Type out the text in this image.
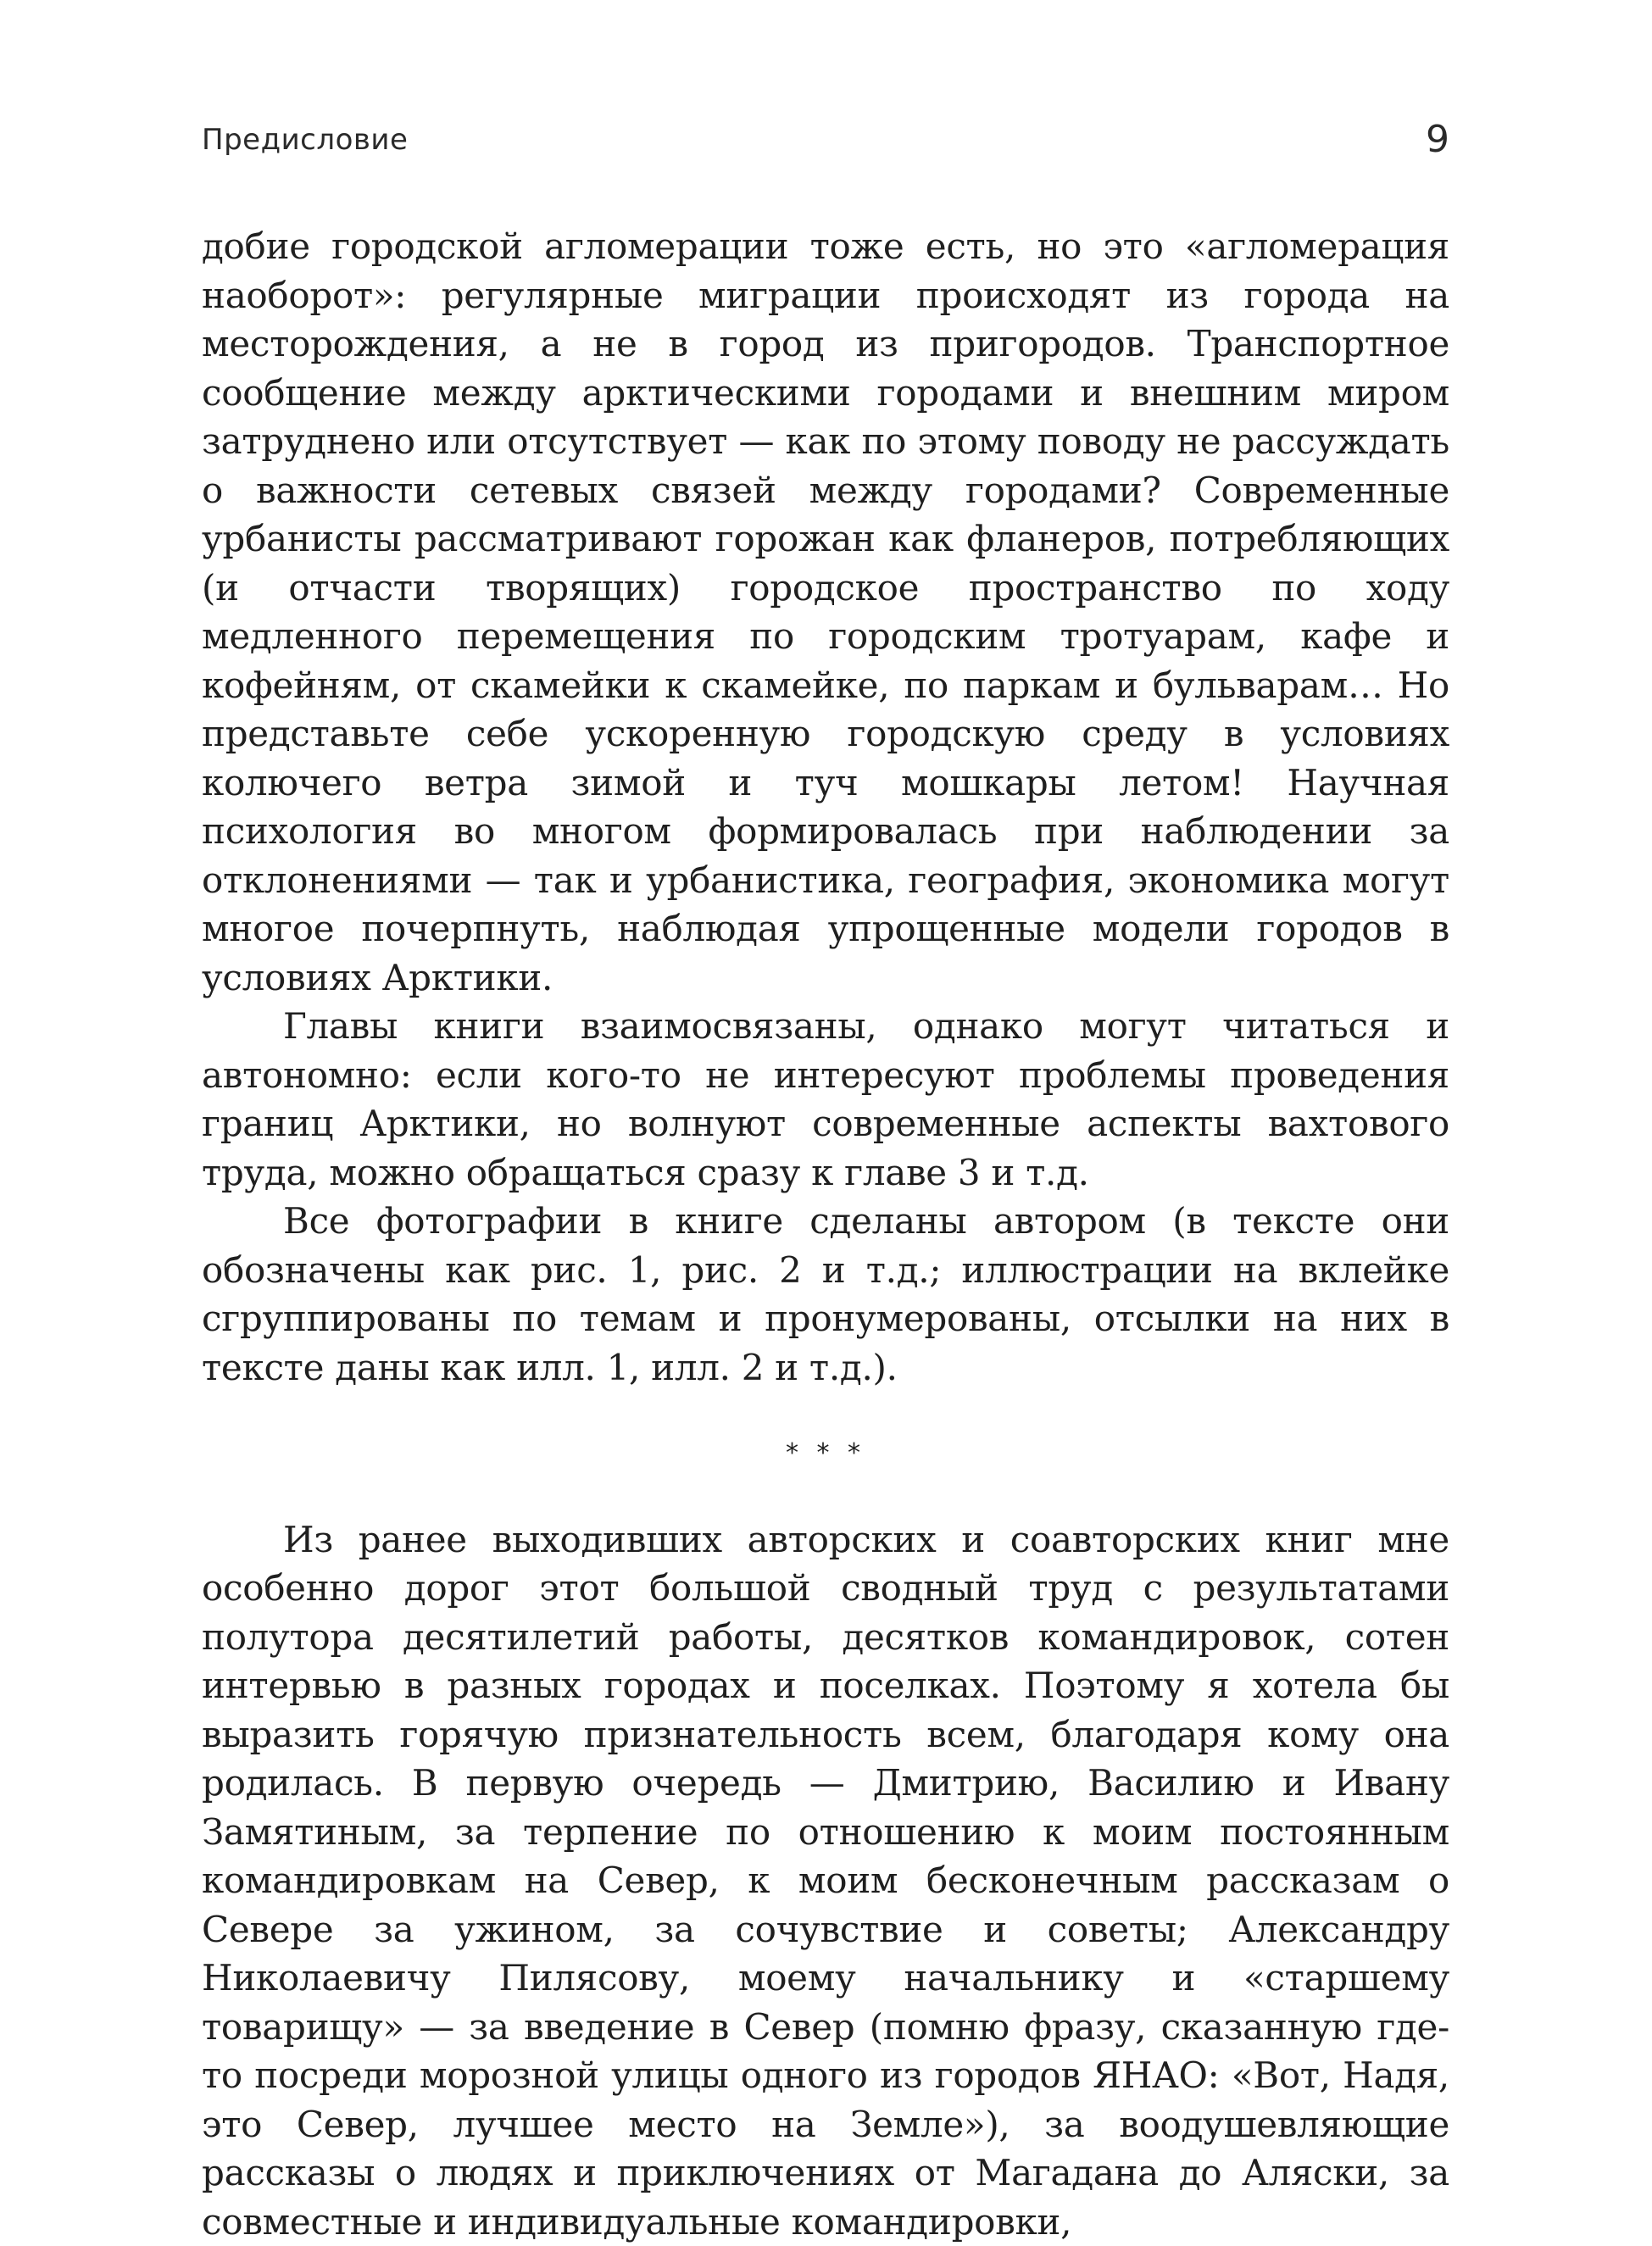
Предисловие	9

добие городской агломерации тоже есть, но это «агломерация наоборот»: регулярные миграции происходят из города на месторождения, а не в город из пригородов. Транспортное сообщение между арктическими городами и внешним миром затруднено или отсутствует — как по этому поводу не рассуждать о важности сетевых связей между городами? Современные урбанисты рассматривают горожан как фланеров, потребляющих (и отчасти творящих) городское пространство по ходу медленного перемещения по городским тротуарам, кафе и кофейням, от скамейки к скамейке, по паркам и бульварам… Но представьте себе ускоренную городскую среду в условиях колючего ветра зимой и туч мошкары летом! Научная психология во многом формировалась при наблюдении за отклонениями — так и урбанистика, география, экономика могут многое почерпнуть, наблюдая упрощенные модели городов в условиях Арктики.

Главы книги взаимосвязаны, однако могут читаться и автономно: если кого-то не интересуют проблемы проведения границ Арктики, но волнуют современные аспекты вахтового труда, можно обращаться сразу к главе 3 и т.д.

Все фотографии в книге сделаны автором (в тексте они обозначены как рис. 1, рис. 2 и т.д.; иллюстрации на вклейке сгруппированы по темам и пронумерованы, отсылки на них в тексте даны как илл. 1, илл. 2 и т.д.).

* * *

Из ранее выходивших авторских и соавторских книг мне особенно дорог этот большой сводный труд с результатами полутора десятилетий работы, десятков командировок, сотен интервью в разных городах и поселках. Поэтому я хотела бы выразить горячую признательность всем, благодаря кому она родилась. В первую очередь — Дмитрию, Василию и Ивану Замятиным, за терпение по отношению к моим постоянным командировкам на Север, к моим бесконечным рассказам о Севере за ужином, за сочувствие и советы; Александру Николаевичу Пилясову, моему начальнику и «старшему товарищу» — за введение в Север (помню фразу, сказанную где-то посреди морозной улицы одного из городов ЯНАО: «Вот, Надя, это Север, лучшее место на Земле»), за воодушевляющие рассказы о людях и приключениях от Магадана до Аляски, за совместные и индивидуальные командировки,
